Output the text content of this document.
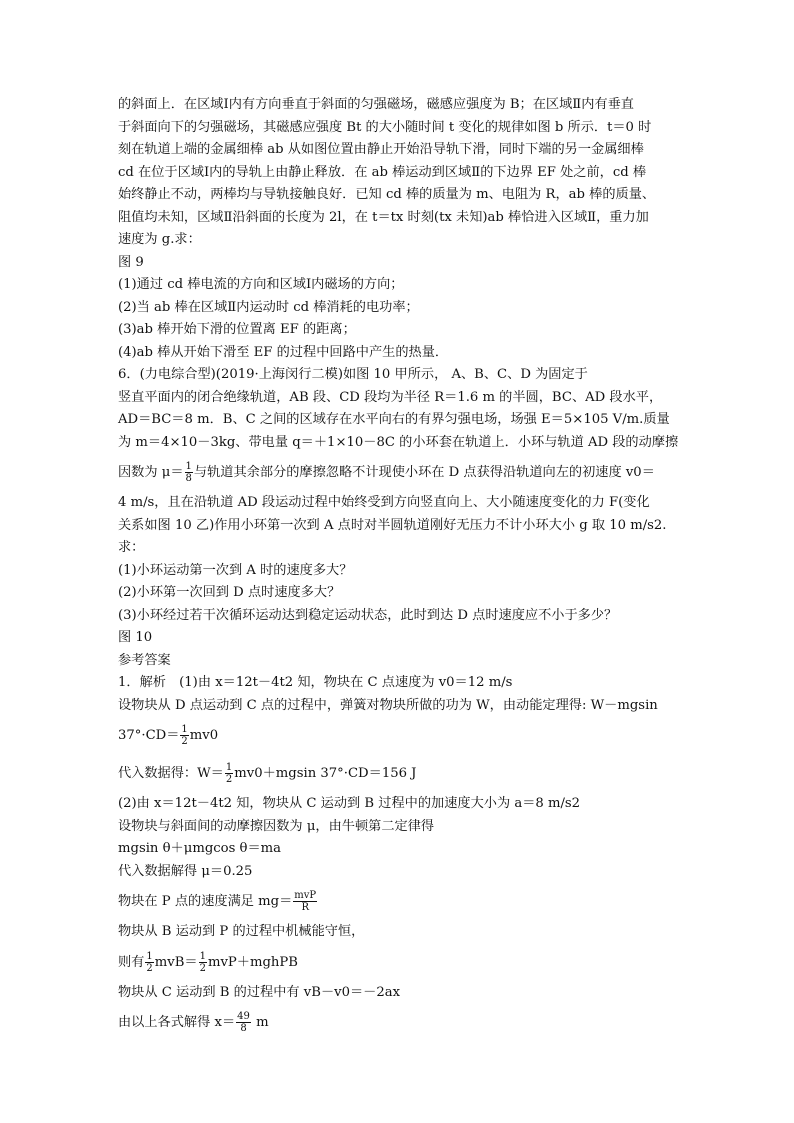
的斜面上．在区域Ⅰ内有方向垂直于斜面的匀强磁场，磁感应强度为 B；在区域Ⅱ内有垂直
于斜面向下的匀强磁场，其磁感应强度 Bt 的大小随时间 t 变化的规律如图 b 所示．t＝0 时
刻在轨道上端的金属细棒 ab 从如图位置由静止开始沿导轨下滑，同时下端的另一金属细棒
cd 在位于区域Ⅰ内的导轨上由静止释放．在 ab 棒运动到区域Ⅱ的下边界 EF 处之前，cd 棒
始终静止不动，两棒均与导轨接触良好．已知 cd 棒的质量为 m、电阻为 R，ab 棒的质量、
阻值均未知，区域Ⅱ沿斜面的长度为 2l，在 t＝tx 时刻(tx 未知)ab 棒恰进入区域Ⅱ，重力加
速度为 g.求：
图 9
(1)通过 cd 棒电流的方向和区域Ⅰ内磁场的方向；
(2)当 ab 棒在区域Ⅱ内运动时 cd 棒消耗的电功率；
(3)ab 棒开始下滑的位置离 EF 的距离；
(4)ab 棒从开始下滑至 EF 的过程中回路中产生的热量．
6．(力电综合型)(2019·上海闵行二模)如图 10 甲所示， A、B、C、D 为固定于
竖直平面内的闭合绝缘轨道，AB 段、CD 段均为半径 R＝1.6 m 的半圆，BC、AD 段水平，
AD＝BC＝8 m．B、C 之间的区域存在水平向右的有界匀强电场，场强 E＝5×105 V/m.质量
为 m＝4×10－3kg、带电量 q＝＋1×10－8C 的小环套在轨道上．小环与轨道 AD 段的动摩擦
因数为 $\mu= \frac{1}{8}$ 与轨道其余部分的摩擦忽略不计现使小环在 D 点获得沿轨道向左的初速度 v0＝
4 m/s，且在沿轨道 AD 段运动过程中始终受到方向竖直向上、大小随速度变化的力 F(变化
关系如图 10 乙)作用小环第一次到 A 点时对半圆轨道刚好无压力不计小环大小 g 取 10 m/s2.
求：
(1)小环运动第一次到 A 时的速度多大？
(2)小环第一次回到 D 点时速度多大？
(3)小环经过若干次循环运动达到稳定运动状态，此时到达 D 点时速度应不小于多少？
图 10
参考答案
1．解析　(1)由 x＝12t－4t2 知，物块在 C 点速度为 v0＝12 m/s
设物块从 D 点运动到 C 点的过程中，弹簧对物块所做的功为 W，由动能定理得: W－mgsin
$37^\circ\cdot CD= \frac{1}{2} mv0$
代入数据得：$W= \frac{1}{2} mv0+mgsin$ 37°·CD＝156 J
(2)由 x＝12t－4t2 知，物块从 C 运动到 B 过程中的加速度大小为 a＝8 m/s2
设物块与斜面间的动摩擦因数为 μ，由牛顿第二定律得
mgsin θ＋μmgcos θ＝ma
代入数据解得 μ＝0.25
物块在 P 点的速度满足 $mg= \frac{\text{mvP}}{R}$
物块从 B 运动到 P 的过程中机械能守恒，
则有 $\frac{1}{2} mvB= \frac{1}{2}$ mvP＋mghPB
物块从 C 运动到 B 的过程中有 vB－v0＝－2ax
由以上各式解得 $x= \frac{49}{8}$ m
